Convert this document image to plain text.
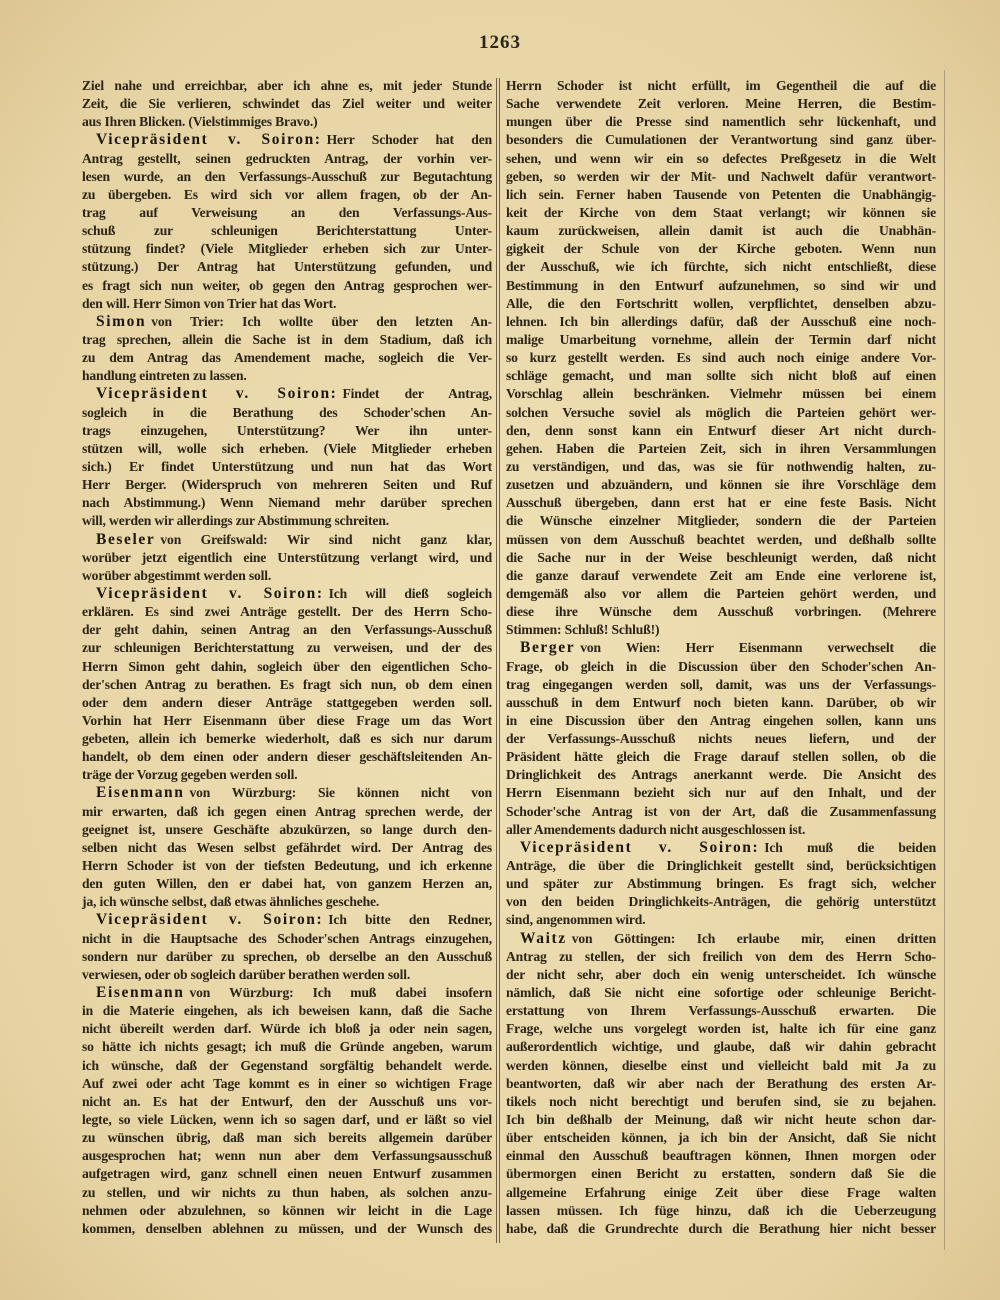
1263
Ziel nahe und erreichbar, aber ich ahne es, mit jeder Stunde
Zeit, die Sie verlieren, schwindet das Ziel weiter und weiter
aus Ihren Blicken. (Vielstimmiges Bravo.)
Vicepräsident v. Soiron: Herr Schoder hat den
Antrag gestellt, seinen gedruckten Antrag, der vorhin ver-
lesen wurde, an den Verfassungs-Ausschuß zur Begutachtung
zu übergeben. Es wird sich vor allem fragen, ob der An-
trag auf Verweisung an den Verfassungs-Aus-
schuß zur schleunigen Berichterstattung Unter-
stützung findet? (Viele Mitglieder erheben sich zur Unter-
stützung.) Der Antrag hat Unterstützung gefunden, und
es fragt sich nun weiter, ob gegen den Antrag gesprochen wer-
den will. Herr Simon von Trier hat das Wort.
Simon von Trier: Ich wollte über den letzten An-
trag sprechen, allein die Sache ist in dem Stadium, daß ich
zu dem Antrag das Amendement mache, sogleich die Ver-
handlung eintreten zu lassen.
Vicepräsident v. Soiron: Findet der Antrag,
sogleich in die Berathung des Schoder'schen An-
trags einzugehen, Unterstützung? Wer ihn unter-
stützen will, wolle sich erheben. (Viele Mitglieder erheben
sich.) Er findet Unterstützung und nun hat das Wort
Herr Berger. (Widerspruch von mehreren Seiten und Ruf
nach Abstimmung.) Wenn Niemand mehr darüber sprechen
will, werden wir allerdings zur Abstimmung schreiten.
Beseler von Greifswald: Wir sind nicht ganz klar,
worüber jetzt eigentlich eine Unterstützung verlangt wird, und
worüber abgestimmt werden soll.
Vicepräsident v. Soiron: Ich will dieß sogleich
erklären. Es sind zwei Anträge gestellt. Der des Herrn Scho-
der geht dahin, seinen Antrag an den Verfassungs-Ausschuß
zur schleunigen Berichterstattung zu verweisen, und der des
Herrn Simon geht dahin, sogleich über den eigentlichen Scho-
der'schen Antrag zu berathen. Es fragt sich nun, ob dem einen
oder dem andern dieser Anträge stattgegeben werden soll.
Vorhin hat Herr Eisenmann über diese Frage um das Wort
gebeten, allein ich bemerke wiederholt, daß es sich nur darum
handelt, ob dem einen oder andern dieser geschäftsleitenden An-
träge der Vorzug gegeben werden soll.
Eisenmann von Würzburg: Sie können nicht von
mir erwarten, daß ich gegen einen Antrag sprechen werde, der
geeignet ist, unsere Geschäfte abzukürzen, so lange durch den-
selben nicht das Wesen selbst gefährdet wird. Der Antrag des
Herrn Schoder ist von der tiefsten Bedeutung, und ich erkenne
den guten Willen, den er dabei hat, von ganzem Herzen an,
ja, ich wünsche selbst, daß etwas ähnliches geschehe.
Vicepräsident v. Soiron: Ich bitte den Redner,
nicht in die Hauptsache des Schoder'schen Antrags einzugehen,
sondern nur darüber zu sprechen, ob derselbe an den Ausschuß
verwiesen, oder ob sogleich darüber berathen werden soll.
Eisenmann von Würzburg: Ich muß dabei insofern
in die Materie eingehen, als ich beweisen kann, daß die Sache
nicht übereilt werden darf. Würde ich bloß ja oder nein sagen,
so hätte ich nichts gesagt; ich muß die Gründe angeben, warum
ich wünsche, daß der Gegenstand sorgfältig behandelt werde.
Auf zwei oder acht Tage kommt es in einer so wichtigen Frage
nicht an. Es hat der Entwurf, den der Ausschuß uns vor-
legte, so viele Lücken, wenn ich so sagen darf, und er läßt so viel
zu wünschen übrig, daß man sich bereits allgemein darüber
ausgesprochen hat; wenn nun aber dem Verfassungsausschuß
aufgetragen wird, ganz schnell einen neuen Entwurf zusammen
zu stellen, und wir nichts zu thun haben, als solchen anzu-
nehmen oder abzulehnen, so können wir leicht in die Lage
kommen, denselben ablehnen zu müssen, und der Wunsch des
Herrn Schoder ist nicht erfüllt, im Gegentheil die auf die
Sache verwendete Zeit verloren. Meine Herren, die Bestim-
mungen über die Presse sind namentlich sehr lückenhaft, und
besonders die Cumulationen der Verantwortung sind ganz über-
sehen, und wenn wir ein so defectes Preßgesetz in die Welt
geben, so werden wir der Mit- und Nachwelt dafür verantwort-
lich sein. Ferner haben Tausende von Petenten die Unabhängig-
keit der Kirche von dem Staat verlangt; wir können sie
kaum zurückweisen, allein damit ist auch die Unabhän-
gigkeit der Schule von der Kirche geboten. Wenn nun
der Ausschuß, wie ich fürchte, sich nicht entschließt, diese
Bestimmung in den Entwurf aufzunehmen, so sind wir und
Alle, die den Fortschritt wollen, verpflichtet, denselben abzu-
lehnen. Ich bin allerdings dafür, daß der Ausschuß eine noch-
malige Umarbeitung vornehme, allein der Termin darf nicht
so kurz gestellt werden. Es sind auch noch einige andere Vor-
schläge gemacht, und man sollte sich nicht bloß auf einen
Vorschlag allein beschränken. Vielmehr müssen bei einem
solchen Versuche soviel als möglich die Parteien gehört wer-
den, denn sonst kann ein Entwurf dieser Art nicht durch-
gehen. Haben die Parteien Zeit, sich in ihren Versammlungen
zu verständigen, und das, was sie für nothwendig halten, zu-
zusetzen und abzuändern, und können sie ihre Vorschläge dem
Ausschuß übergeben, dann erst hat er eine feste Basis. Nicht
die Wünsche einzelner Mitglieder, sondern die der Parteien
müssen von dem Ausschuß beachtet werden, und deßhalb sollte
die Sache nur in der Weise beschleunigt werden, daß nicht
die ganze darauf verwendete Zeit am Ende eine verlorene ist,
demgemäß also vor allem die Parteien gehört werden, und
diese ihre Wünsche dem Ausschuß vorbringen. (Mehrere
Stimmen: Schluß! Schluß!)
Berger von Wien: Herr Eisenmann verwechselt die
Frage, ob gleich in die Discussion über den Schoder'schen An-
trag eingegangen werden soll, damit, was uns der Verfassungs-
ausschuß in dem Entwurf noch bieten kann. Darüber, ob wir
in eine Discussion über den Antrag eingehen sollen, kann uns
der Verfassungs-Ausschuß nichts neues liefern, und der
Präsident hätte gleich die Frage darauf stellen sollen, ob die
Dringlichkeit des Antrags anerkannt werde. Die Ansicht des
Herrn Eisenmann bezieht sich nur auf den Inhalt, und der
Schoder'sche Antrag ist von der Art, daß die Zusammenfassung
aller Amendements dadurch nicht ausgeschlossen ist.
Vicepräsident v. Soiron: Ich muß die beiden
Anträge, die über die Dringlichkeit gestellt sind, berücksichtigen
und später zur Abstimmung bringen. Es fragt sich, welcher
von den beiden Dringlichkeits-Anträgen, die gehörig unterstützt
sind, angenommen wird.
Waitz von Göttingen: Ich erlaube mir, einen dritten
Antrag zu stellen, der sich freilich von dem des Herrn Scho-
der nicht sehr, aber doch ein wenig unterscheidet. Ich wünsche
nämlich, daß Sie nicht eine sofortige oder schleunige Bericht-
erstattung von Ihrem Verfassungs-Ausschuß erwarten. Die
Frage, welche uns vorgelegt worden ist, halte ich für eine ganz
außerordentlich wichtige, und glaube, daß wir dahin gebracht
werden können, dieselbe einst und vielleicht bald mit Ja zu
beantworten, daß wir aber nach der Berathung des ersten Ar-
tikels noch nicht berechtigt und berufen sind, sie zu bejahen.
Ich bin deßhalb der Meinung, daß wir nicht heute schon dar-
über entscheiden können, ja ich bin der Ansicht, daß Sie nicht
einmal den Ausschuß beauftragen können, Ihnen morgen oder
übermorgen einen Bericht zu erstatten, sondern daß Sie die
allgemeine Erfahrung einige Zeit über diese Frage walten
lassen müssen. Ich füge hinzu, daß ich die Ueberzeugung
habe, daß die Grundrechte durch die Berathung hier nicht besser
